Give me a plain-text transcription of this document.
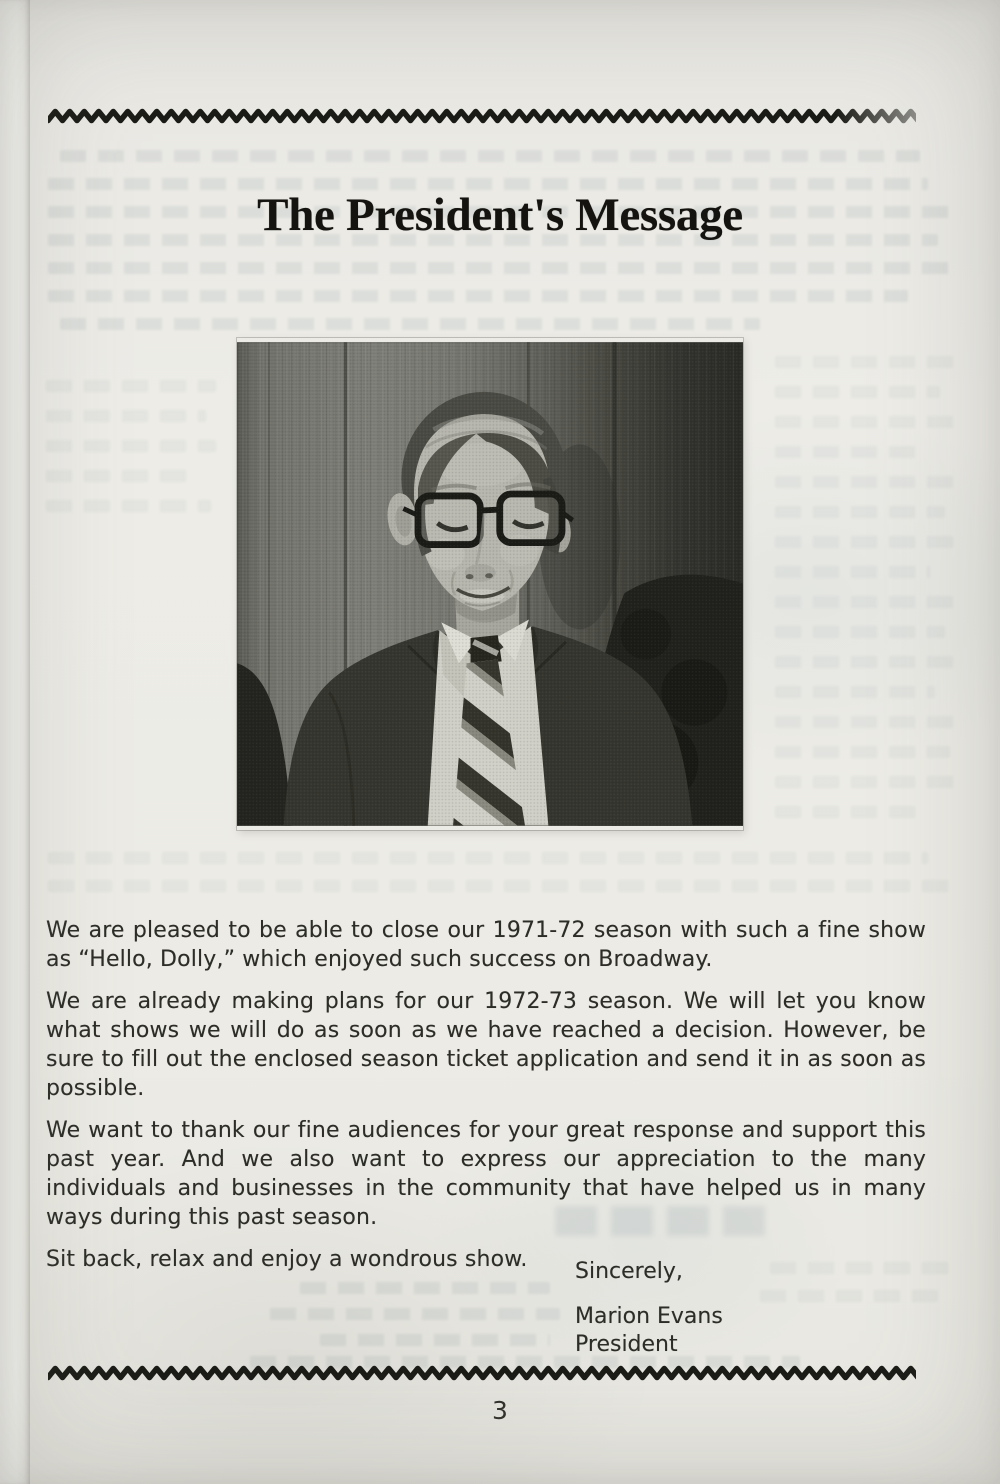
The President's Message

We are pleased to be able to close our 1971-72 season with such a fine show as “Hello, Dolly,” which enjoyed such success on Broadway.

We are already making plans for our 1972-73 season. We will let you know what shows we will do as soon as we have reached a decision. However, be sure to fill out the enclosed season ticket application and send it in as soon as possible.

We want to thank our fine audiences for your great response and support this past year. And we also want to express our appreciation to the many individuals and businesses in the community that have helped us in many ways during this past season.

Sit back, relax and enjoy a wondrous show.	Sincerely,

Marion Evans

President

3
